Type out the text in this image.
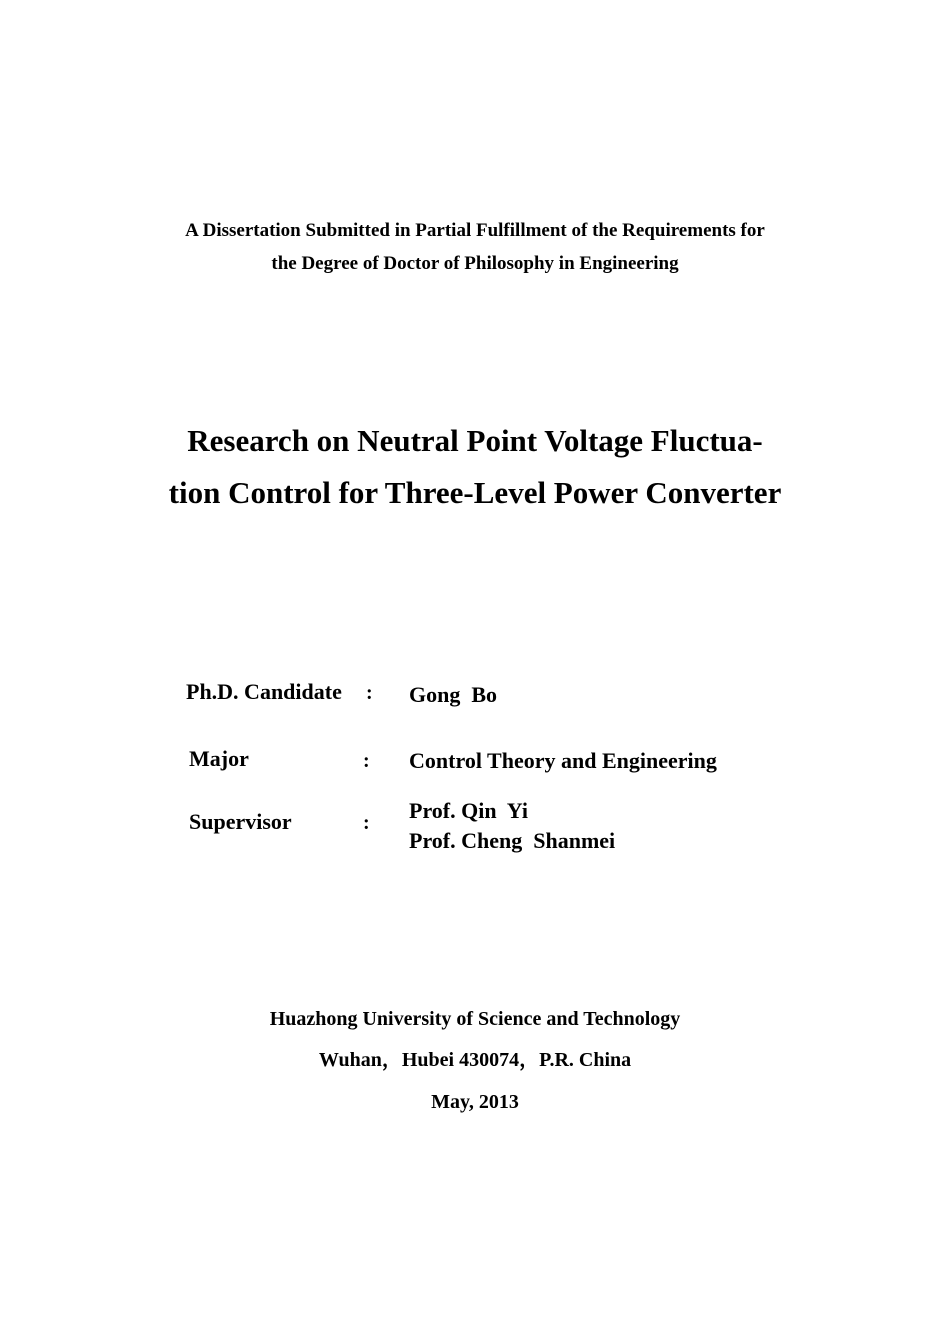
A Dissertation Submitted in Partial Fulfillment of the Requirements for
the Degree of Doctor of Philosophy in Engineering
Research on Neutral Point Voltage Fluctua-
tion Control for Three-Level Power Converter
Ph.D. Candidate : Gong  Bo
Major	: Control Theory and Engineering
Supervisor	: Prof. Qin  Yi
Prof. Cheng  Shanmei
Huazhong University of Science and Technology
Wuhan，Hubei 430074，P.R. China
May, 2013
